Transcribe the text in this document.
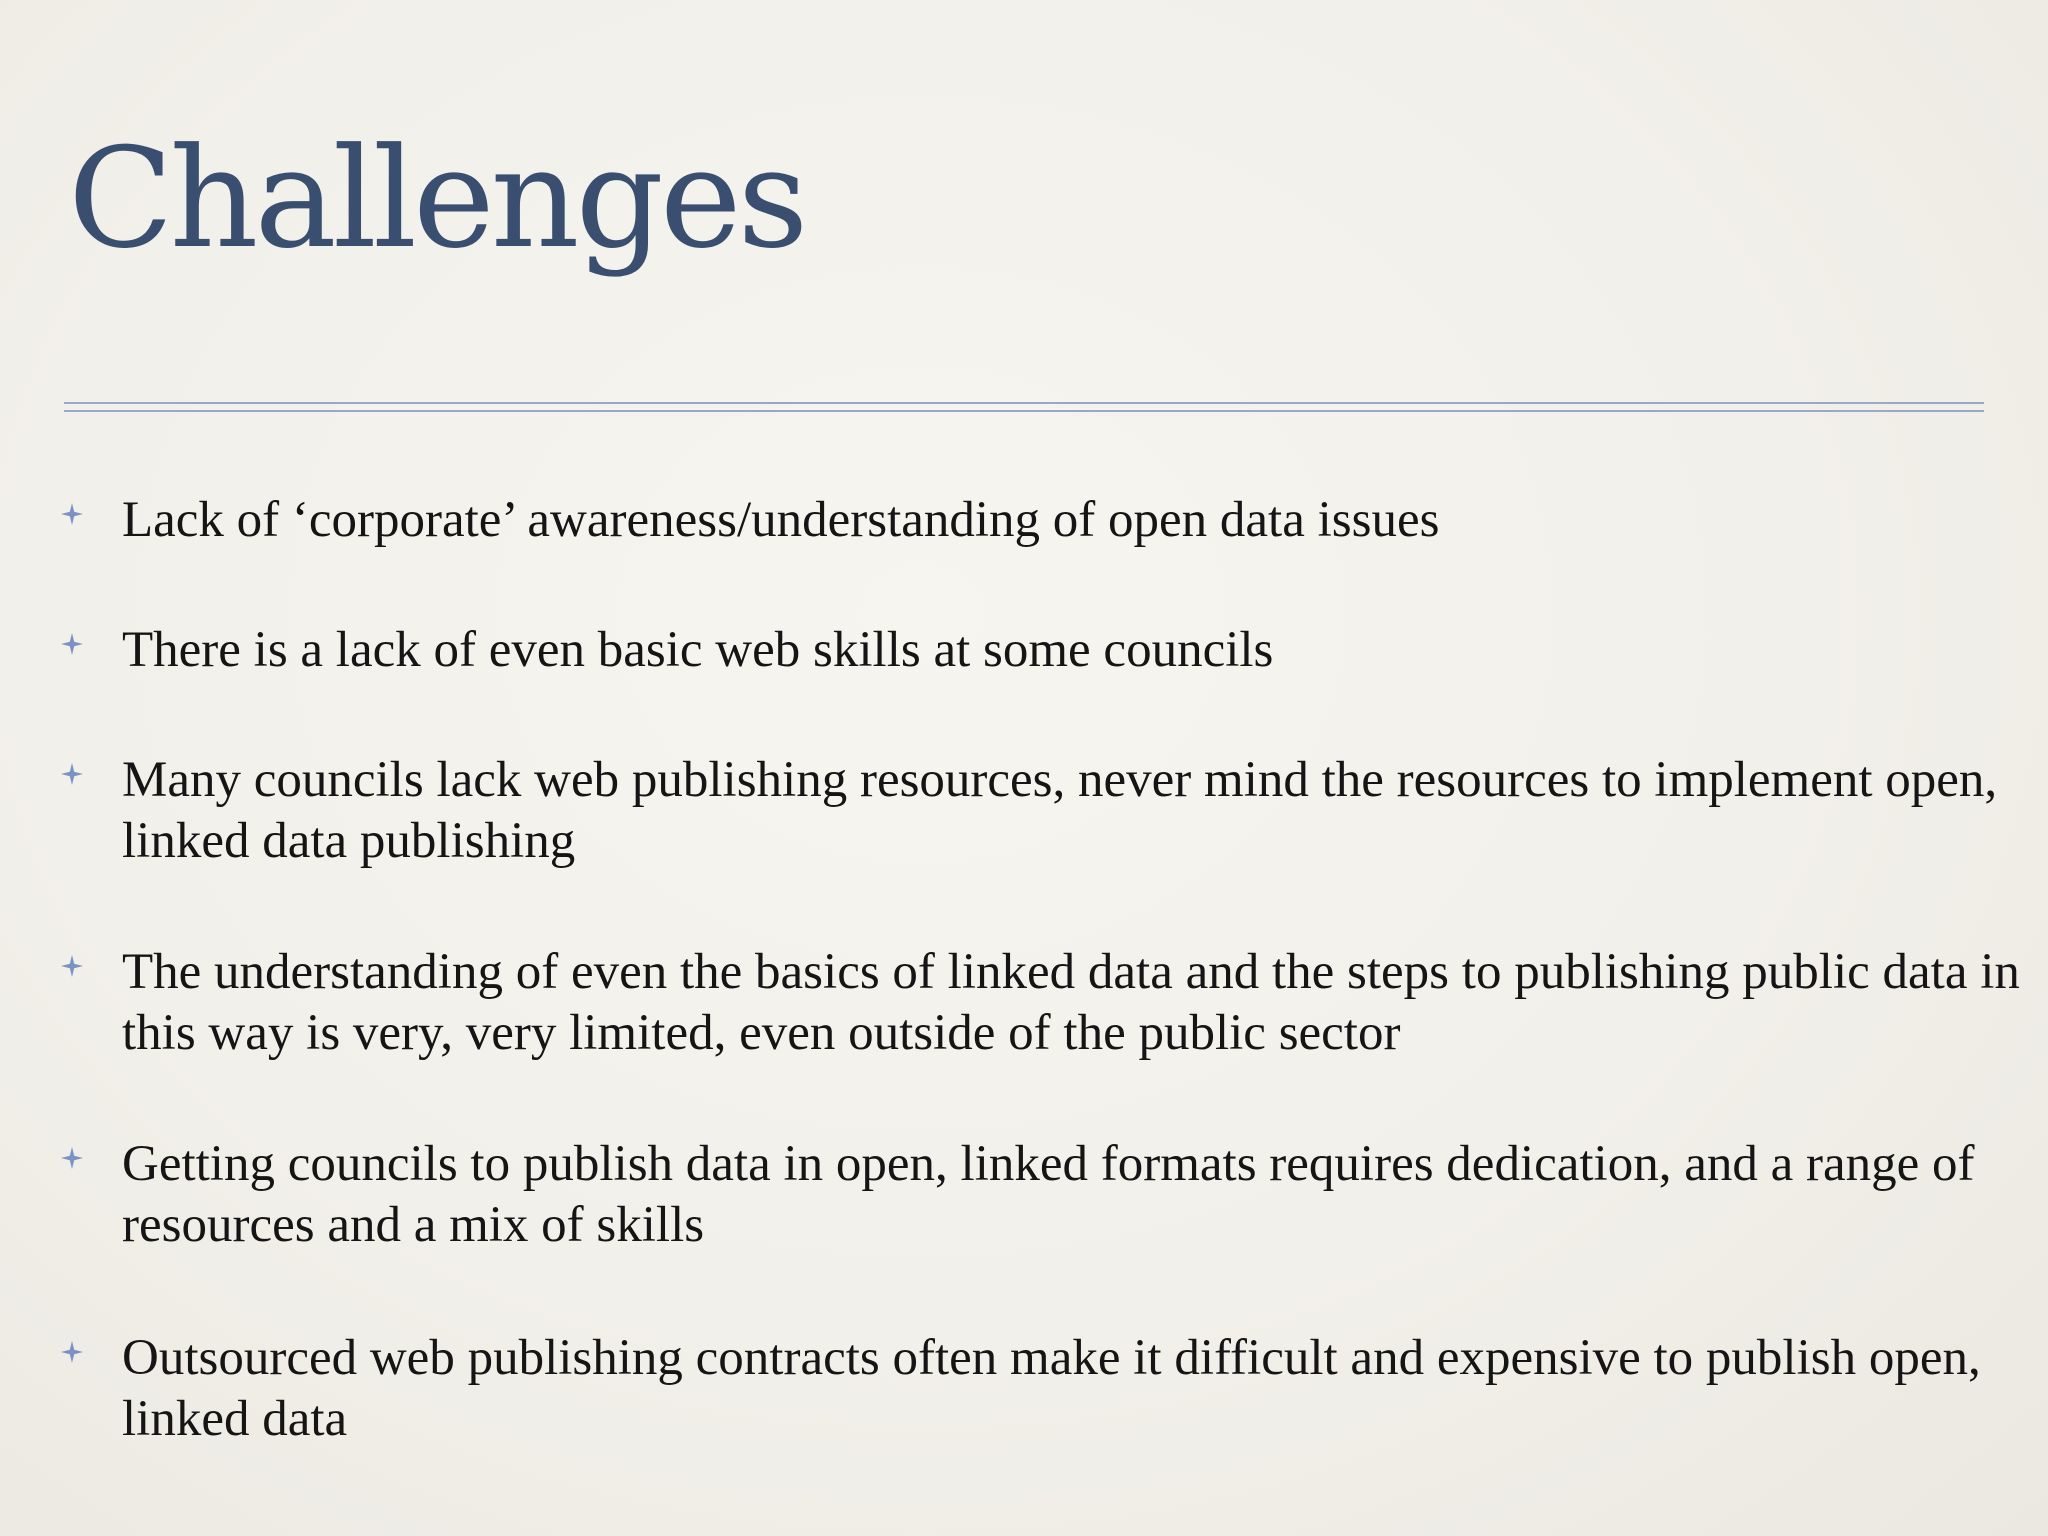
Challenges

Lack of ‘corporate’ awareness/understanding of open data issues

There is a lack of even basic web skills at some councils

Many councils lack web publishing resources, never mind the resources to implement open, linked data publishing

The understanding of even the basics of linked data and the steps to publishing public data in this way is very, very limited, even outside of the public sector

Getting councils to publish data in open, linked formats requires dedication, and a range of resources and a mix of skills

Outsourced web publishing contracts often make it difficult and expensive to publish open, linked data
